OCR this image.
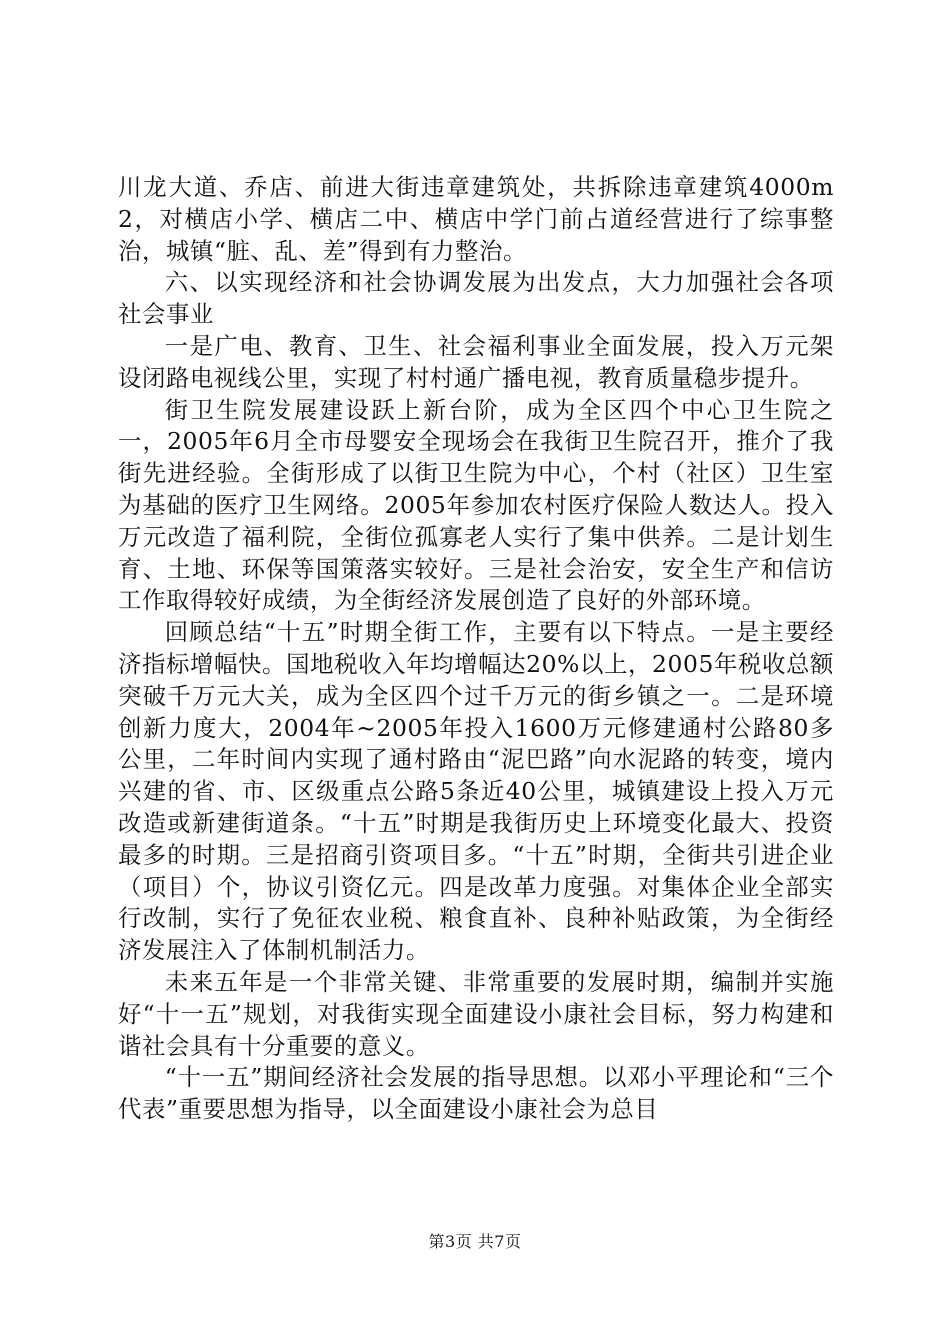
川龙大道、乔店、前进大街违章建筑处，共拆除违章建筑4000m2，对横店小学、横店二中、横店中学门前占道经营进行了综事整治，城镇“脏、乱、差”得到有力整治。

六、以实现经济和社会协调发展为出发点，大力加强社会各项社会事业

一是广电、教育、卫生、社会福利事业全面发展，投入万元架设闭路电视线公里，实现了村村通广播电视，教育质量稳步提升。

街卫生院发展建设跃上新台阶，成为全区四个中心卫生院之一，2005年6月全市母婴安全现场会在我街卫生院召开，推介了我街先进经验。全街形成了以街卫生院为中心，个村（社区）卫生室为基础的医疗卫生网络。2005年参加农村医疗保险人数达人。投入万元改造了福利院，全街位孤寡老人实行了集中供养。二是计划生育、土地、环保等国策落实较好。三是社会治安，安全生产和信访工作取得较好成绩，为全街经济发展创造了良好的外部环境。

回顾总结“十五”时期全街工作，主要有以下特点。一是主要经济指标增幅快。国地税收入年均增幅达20%以上，2005年税收总额突破千万元大关，成为全区四个过千万元的街乡镇之一。二是环境创新力度大，2004年~2005年投入1600万元修建通村公路80多公里，二年时间内实现了通村路由“泥巴路”向水泥路的转变，境内兴建的省、市、区级重点公路5条近40公里，城镇建设上投入万元改造或新建街道条。“十五”时期是我街历史上环境变化最大、投资最多的时期。三是招商引资项目多。“十五”时期，全街共引进企业（项目）个，协议引资亿元。四是改革力度强。对集体企业全部实行改制，实行了免征农业税、粮食直补、良种补贴政策，为全街经济发展注入了体制机制活力。

未来五年是一个非常关键、非常重要的发展时期，编制并实施好“十一五”规划，对我街实现全面建设小康社会目标，努力构建和谐社会具有十分重要的意义。

“十一五”期间经济社会发展的指导思想。以邓小平理论和“三个代表”重要思想为指导，以全面建设小康社会为总目

第3页 共7页
